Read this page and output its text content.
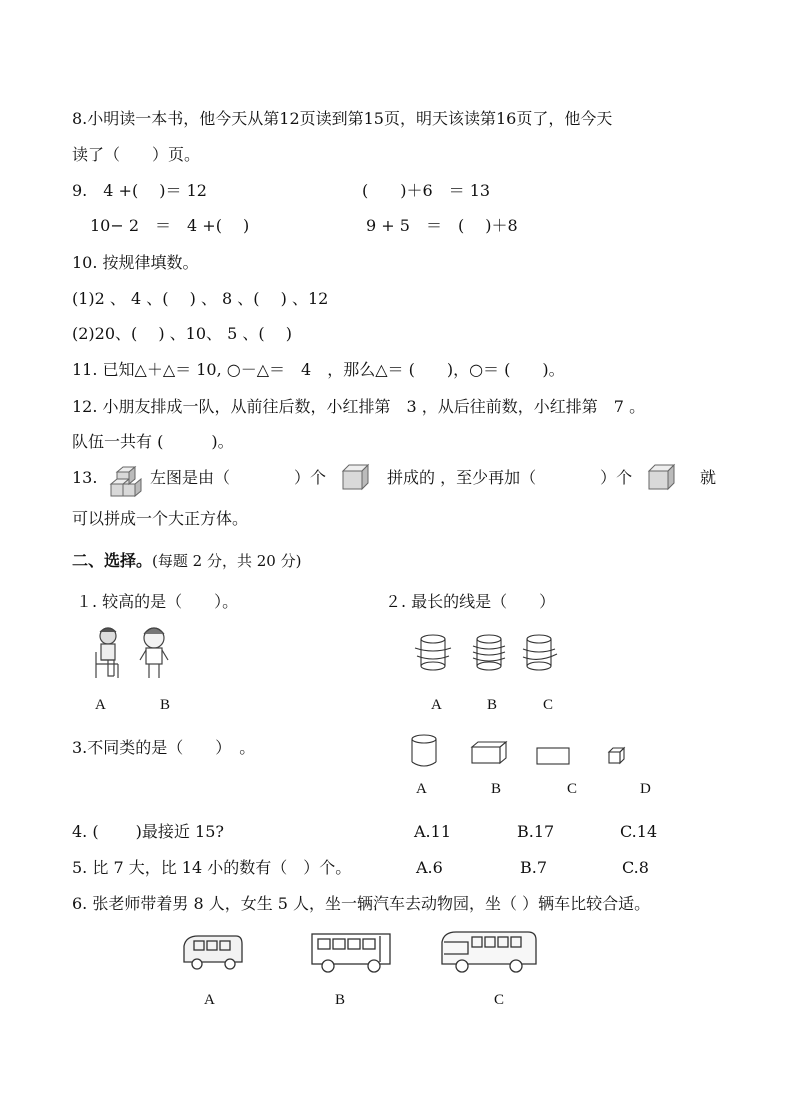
8.小明读一本书，他今天从第12页读到第15页，明天该读第16页了，他今天
读了（　　）页。
9.　4 +(　 )＝ 12	(　　)＋6　＝ 13
10− 2　＝　4 +(　 )	9 + 5　＝　(　 )＋8
10. 按规律填数。
(1)2 、 4 、(　 ) 、 8 、(　 ) 、12
(2)20、(　 ) 、10、 5 、(　 )
11. 已知△＋△＝ 10, ○－△＝　4　，那么△＝ (　　)，○＝ (　　)。
12. 小朋友排成一队，从前往后数，小红排第　3 ，从后往前数，小红排第　7 。
队伍一共有 (　　　)。
13.	左图是由（　　　　）个	拼成的 ，至少再加（　　　　）个	就
可以拼成一个大正方体。
二、选择。(每题 2 分，共 20 分)
１. 较高的是（　　）。
A	B
２. 最长的线是（　　）
A	B	C
3.不同类的是（　　）　。
A	B	C	D
4. (　　 )最接近 15?	A.11	B.17	C.14
5. 比 7 大，比 14 小的数有（　）个。	A.6	B.7	C.8
6. 张老师带着男 8 人，女生 5 人，坐一辆汽车去动物园，坐（ ）辆车比较合适。
A	B	C
